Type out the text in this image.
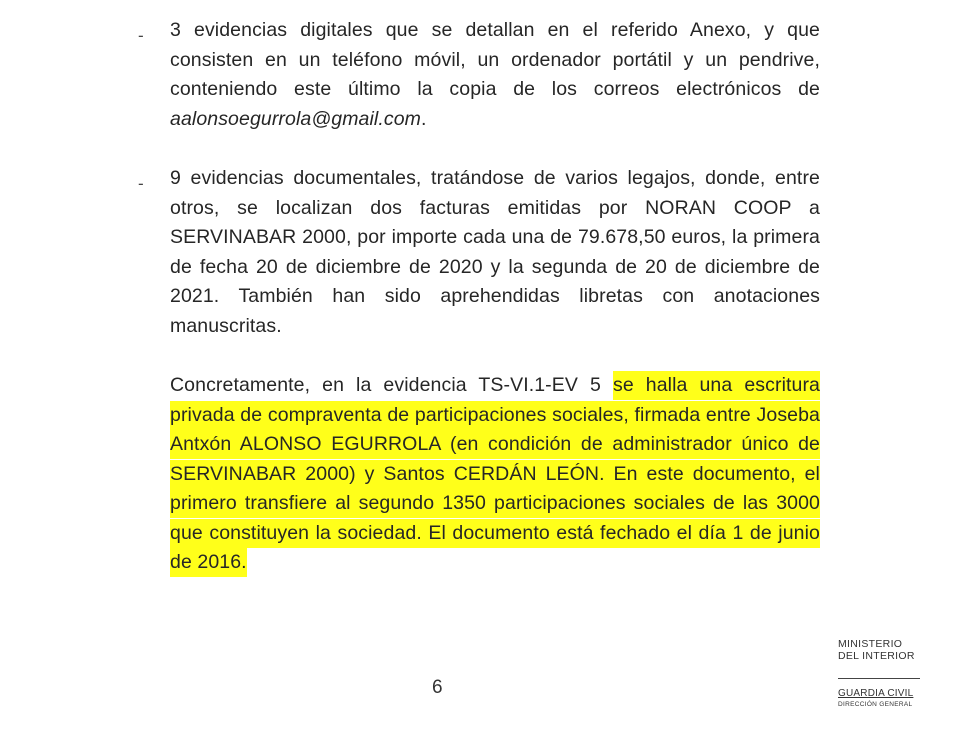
- 3 evidencias digitales que se detallan en el referido Anexo, y que consisten en un teléfono móvil, un ordenador portátil y un pendrive, conteniendo este último la copia de los correos electrónicos de aalonsoegurrola@gmail.com.
- 9 evidencias documentales, tratándose de varios legajos, donde, entre otros, se localizan dos facturas emitidas por NORAN COOP a SERVINABAR 2000, por importe cada una de 79.678,50 euros, la primera de fecha 20 de diciembre de 2020 y la segunda de 20 de diciembre de 2021. También han sido aprehendidas libretas con anotaciones manuscritas.
Concretamente, en la evidencia TS-VI.1-EV 5 se halla una escritura privada de compraventa de participaciones sociales, firmada entre Joseba Antxón ALONSO EGURROLA (en condición de administrador único de SERVINABAR 2000) y Santos CERDÁN LEÓN. En este documento, el primero transfiere al segundo 1350 participaciones sociales de las 3000 que constituyen la sociedad. El documento está fechado el día 1 de junio de 2016.
6
MINISTERIO
DEL INTERIOR
GUARDIA CIVIL
DIRECCIÓN GENERAL
